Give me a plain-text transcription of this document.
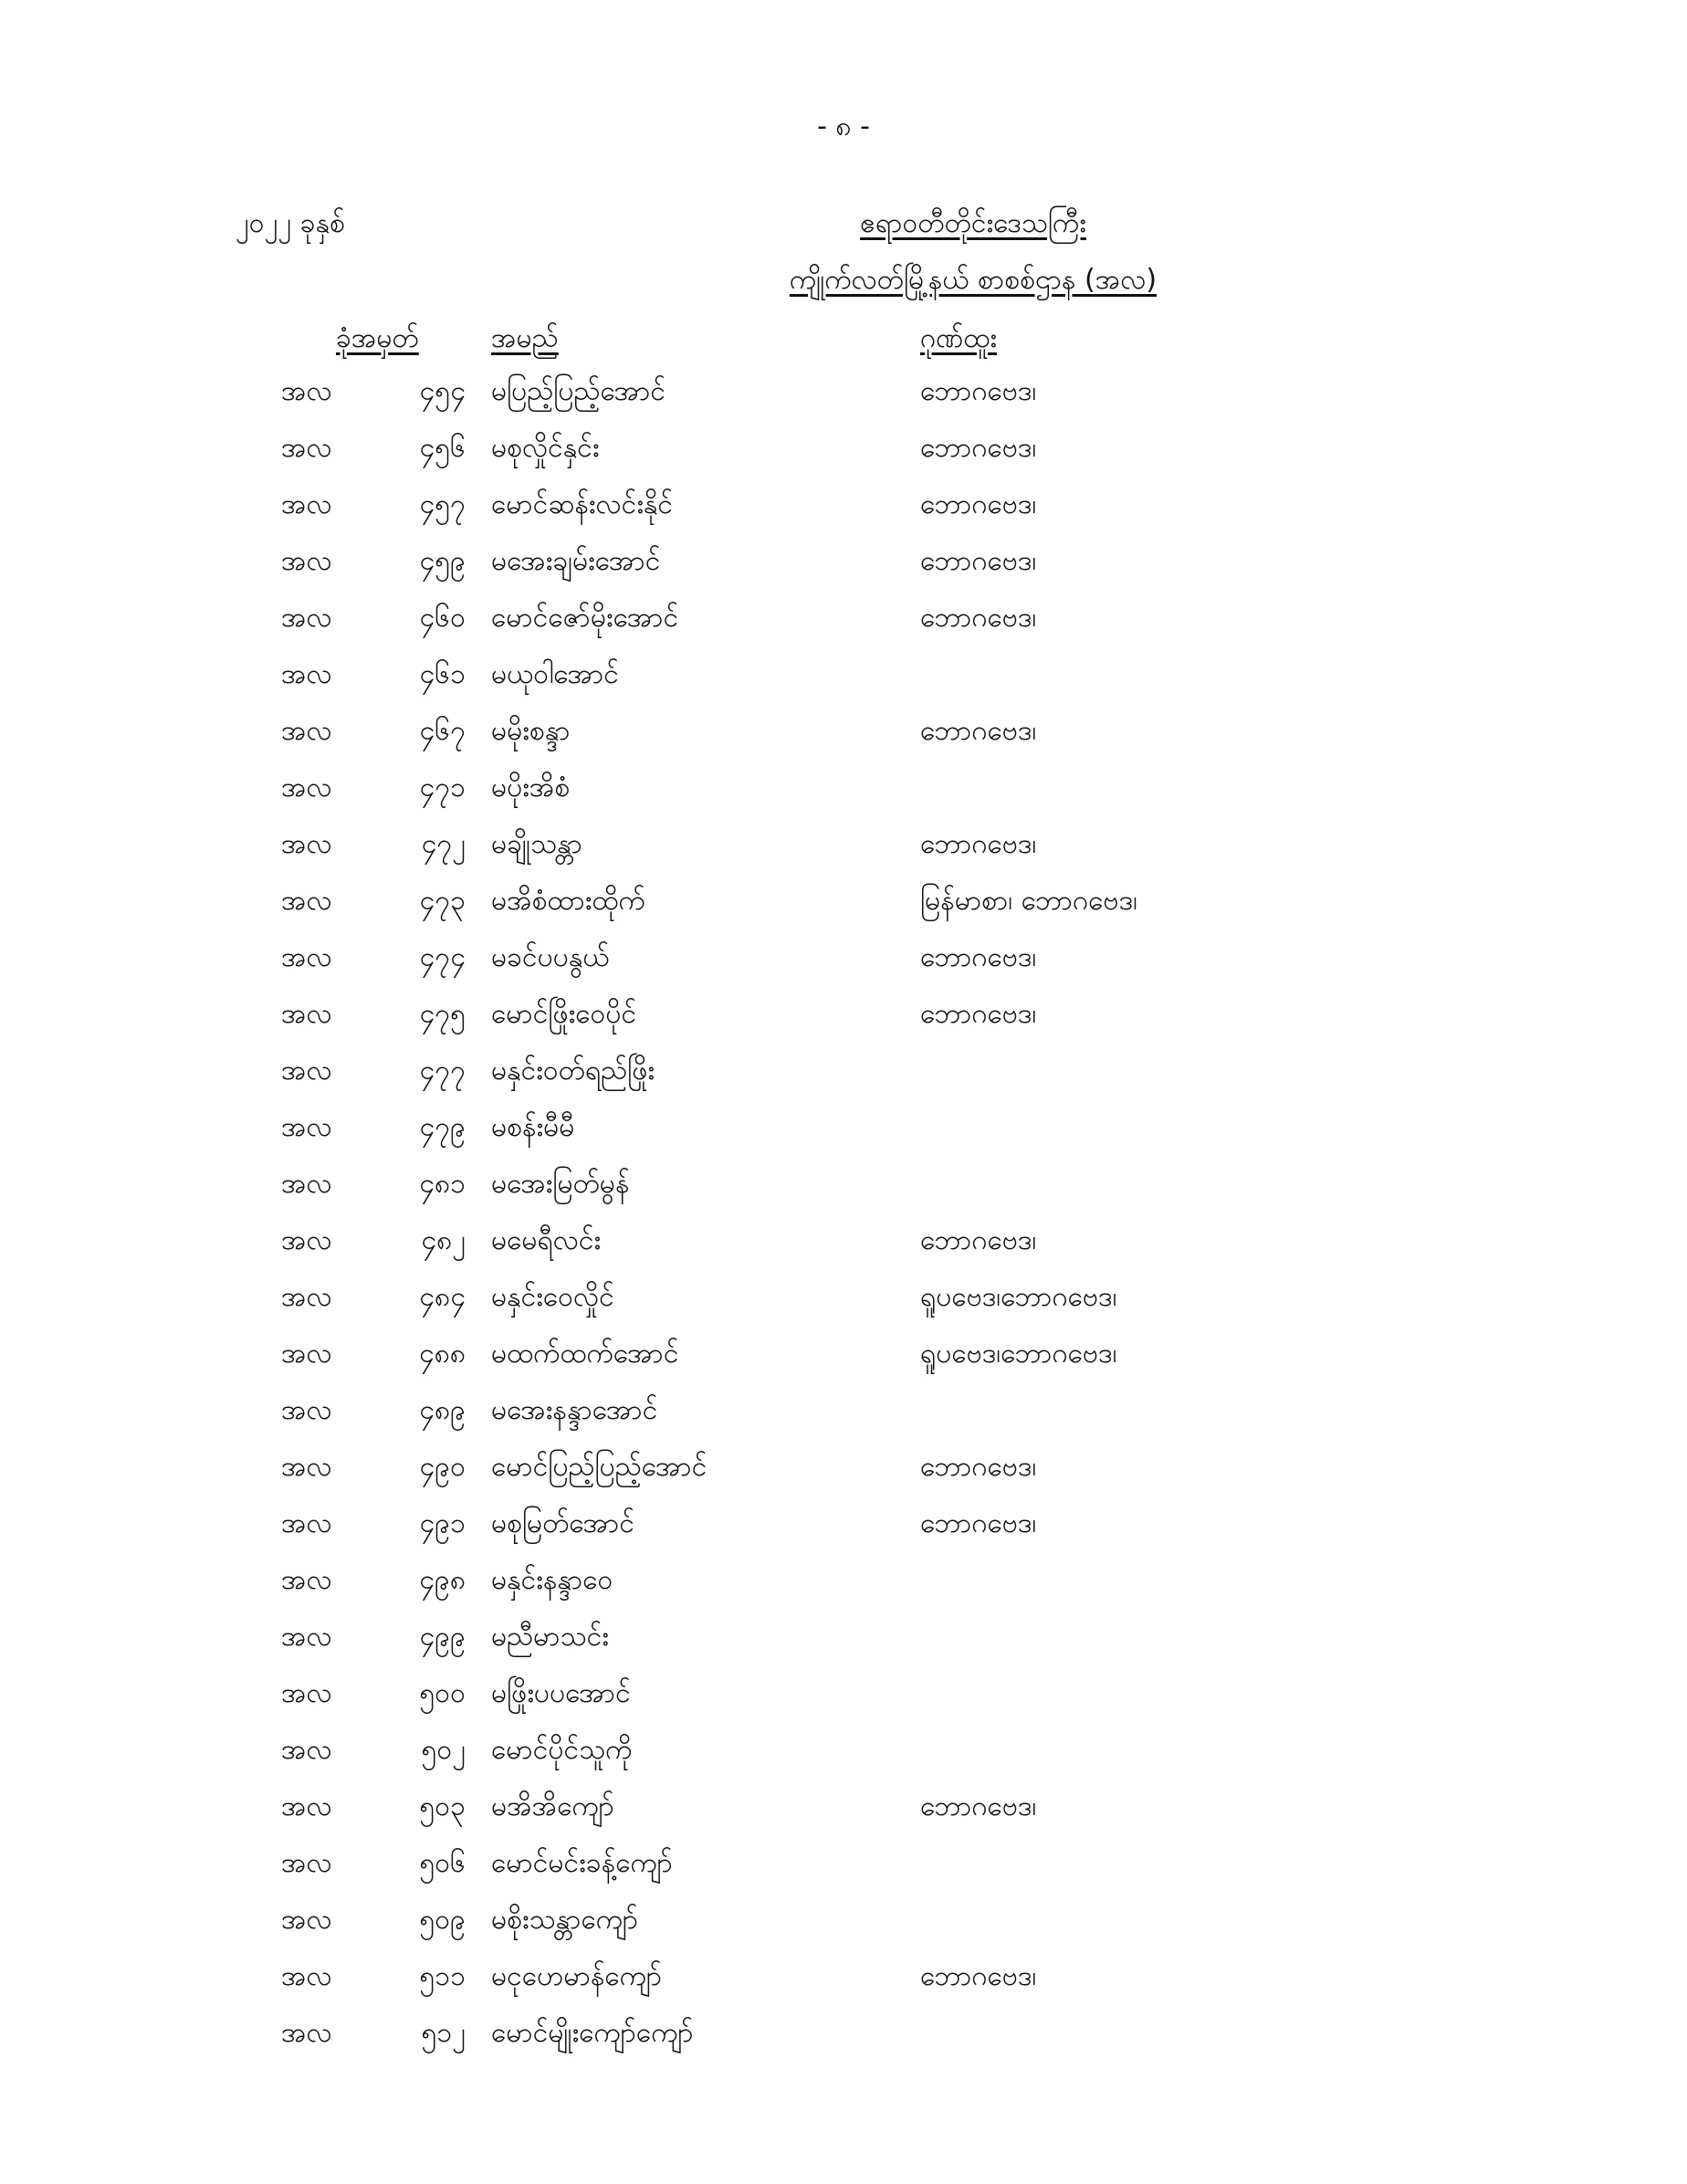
- ၈ -
၂၀၂၂ ခုနှစ်	ဧရာဝတီတိုင်းဒေသကြီး
ကျိုက်လတ်မြို့နယ် စာစစ်ဌာန (အလ)
ခုံအမှတ်	အမည်	ဂုဏ်ထူး
အလ	၄၅၄ မပြည့်ပြည့်အောင်	ဘောဂဗေဒ၊
အလ	၄၅၆ မစုလှိုင်နှင်း	ဘောဂဗေဒ၊
အလ	၄၅၇ မောင်ဆန်းလင်းနိုင်	ဘောဂဗေဒ၊
အလ	၄၅၉ မအေးချမ်းအောင်	ဘောဂဗေဒ၊
အလ	၄၆၀ မောင်ဇော်မိုးအောင်	ဘောဂဗေဒ၊
အလ	၄၆၁ မယုဝါအောင်
အလ	၄၆၇ မမိုးစန္ဒာ	ဘောဂဗေဒ၊
အလ	၄၇၁ မပိုးအိစံ
အလ	၄၇၂ မချိုသန္တာ	ဘောဂဗေဒ၊
အလ	၄၇၃ မအိစံထားထိုက်	မြန်မာစာ၊ ဘောဂဗေဒ၊
အလ	၄၇၄ မခင်ပပနွယ်	ဘောဂဗေဒ၊
အလ	၄၇၅ မောင်ဖြိုးဝေပိုင်	ဘောဂဗေဒ၊
အလ	၄၇၇ မနှင်းဝတ်ရည်ဖြိုး
အလ	၄၇၉ မစန်းမီမီ
အလ	၄၈၁ မအေးမြတ်မွန်
အလ	၄၈၂ မမေရီလင်း	ဘောဂဗေဒ၊
အလ	၄၈၄ မနှင်းဝေလှိုင်	ရူပဗေဒ၊ဘောဂဗေဒ၊
အလ	၄၈၈ မထက်ထက်အောင်	ရူပဗေဒ၊ဘောဂဗေဒ၊
အလ	၄၈၉ မအေးနန္ဒာအောင်
အလ	၄၉၀ မောင်ပြည့်ပြည့်အောင်	ဘောဂဗေဒ၊
အလ	၄၉၁ မစုမြတ်အောင်	ဘောဂဗေဒ၊
အလ	၄၉၈ မနှင်းနန္ဒာဝေ
အလ	၄၉၉ မညီမာသင်း
အလ	၅၀၀ မဖြိုးပပအောင်
အလ	၅၀၂ မောင်ပိုင်သူကို
အလ	၅၀၃ မအိအိကျော်	ဘောဂဗေဒ၊
အလ	၅၀၆ မောင်မင်းခန့်ကျော်
အလ	၅၀၉ မစိုးသန္တာကျော်
အလ	၅၁၁ မငုဟေမာန်ကျော်	ဘောဂဗေဒ၊
အလ	၅၁၂ မောင်မျိုးကျော်ကျော်
